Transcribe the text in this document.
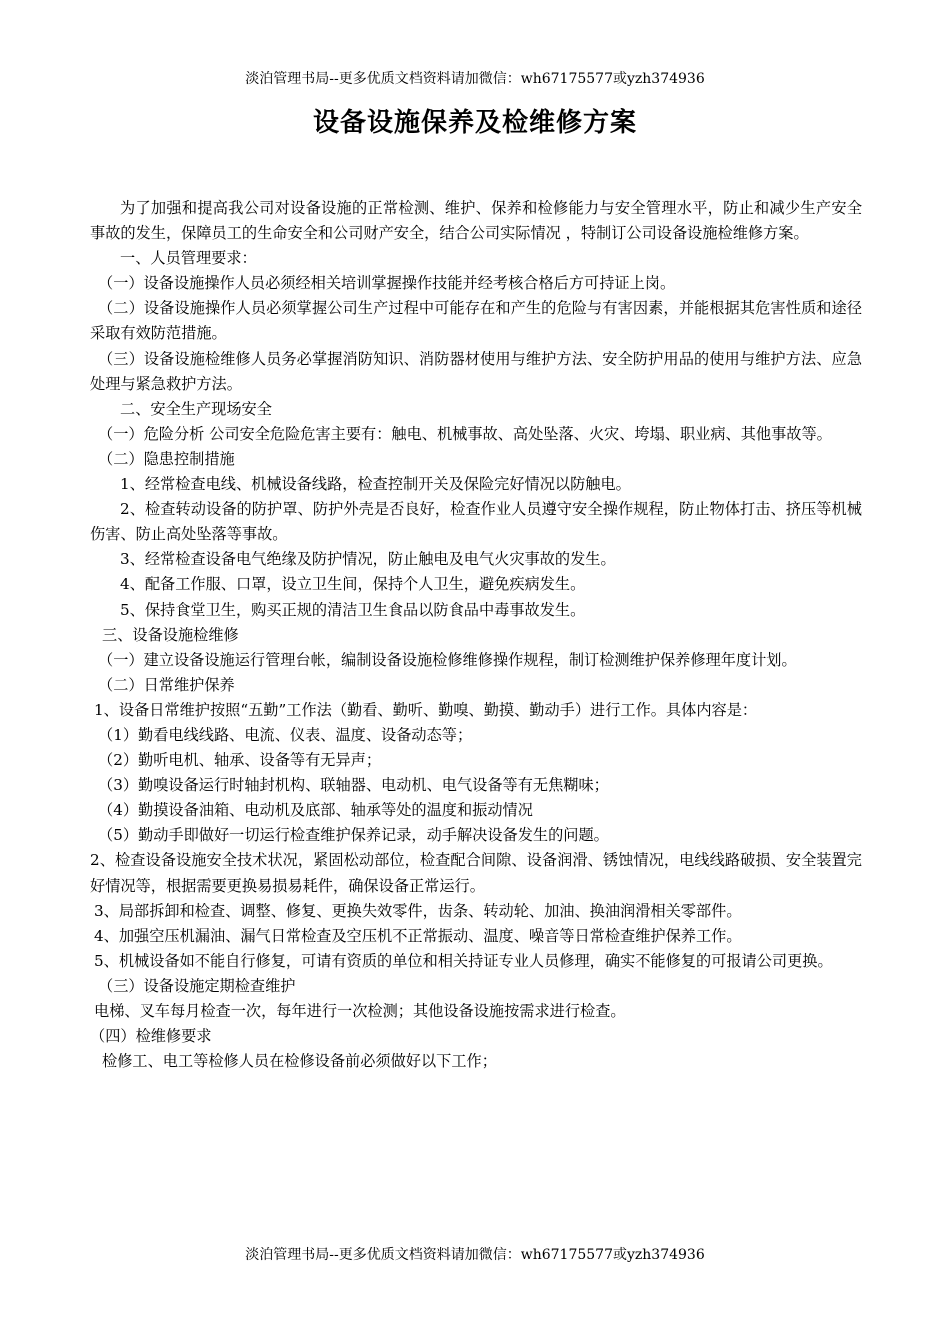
淡泊管理书局--更多优质文档资料请加微信：wh67175577或yzh374936
设备设施保养及检维修方案

为了加强和提高我公司对设备设施的正常检测、维护、保养和检修能力与安全管理水平，防止和减少生产安全事故的发生，保障员工的生命安全和公司财产安全，结合公司实际情况 ，特制订公司设备设施检维修方案。

一、人员管理要求：

（一）设备设施操作人员必须经相关培训掌握操作技能并经考核合格后方可持证上岗。

（二）设备设施操作人员必须掌握公司生产过程中可能存在和产生的危险与有害因素，并能根据其危害性质和途径采取有效防范措施。

（三）设备设施检维修人员务必掌握消防知识、消防器材使用与维护方法、安全防护用品的使用与维护方法、应急处理与紧急救护方法。

二、安全生产现场安全

（一）危险分析 公司安全危险危害主要有：触电、机械事故、高处坠落、火灾、垮塌、职业病、其他事故等。

（二）隐患控制措施

1、经常检查电线、机械设备线路，检查控制开关及保险完好情况以防触电。

2、检查转动设备的防护罩、防护外壳是否良好，检查作业人员遵守安全操作规程，防止物体打击、挤压等机械伤害、防止高处坠落等事故。

3、经常检查设备电气绝缘及防护情况，防止触电及电气火灾事故的发生。

4、配备工作服、口罩，设立卫生间，保持个人卫生，避免疾病发生。

5、保持食堂卫生，购买正规的清洁卫生食品以防食品中毒事故发生。

三、设备设施检维修

（一）建立设备设施运行管理台帐，编制设备设施检修维修操作规程，制订检测维护保养修理年度计划。

（二）日常维护保养

1、设备日常维护按照“五勤”工作法（勤看、勤听、勤嗅、勤摸、勤动手）进行工作。具体内容是：

（1）勤看电线线路、电流、仪表、温度、设备动态等；

（2）勤听电机、轴承、设备等有无异声；

（3）勤嗅设备运行时轴封机构、联轴器、电动机、电气设备等有无焦糊味；

（4）勤摸设备油箱、电动机及底部、轴承等处的温度和振动情况

（5）勤动手即做好一切运行检查维护保养记录，动手解决设备发生的问题。

2、检查设备设施安全技术状况，紧固松动部位，检查配合间隙、设备润滑、锈蚀情况，电线线路破损、安全装置完好情况等，根据需要更换易损易耗件，确保设备正常运行。

3、局部拆卸和检查、调整、修复、更换失效零件，齿条、转动轮、加油、换油润滑相关零部件。

4、加强空压机漏油、漏气日常检查及空压机不正常振动、温度、噪音等日常检查维护保养工作。

5、机械设备如不能自行修复，可请有资质的单位和相关持证专业人员修理，确实不能修复的可报请公司更换。

（三）设备设施定期检查维护

电梯、叉车每月检查一次，每年进行一次检测；其他设备设施按需求进行检查。

（四）检维修要求

检修工、电工等检修人员在检修设备前必须做好以下工作；

淡泊管理书局--更多优质文档资料请加微信：wh67175577或yzh374936
